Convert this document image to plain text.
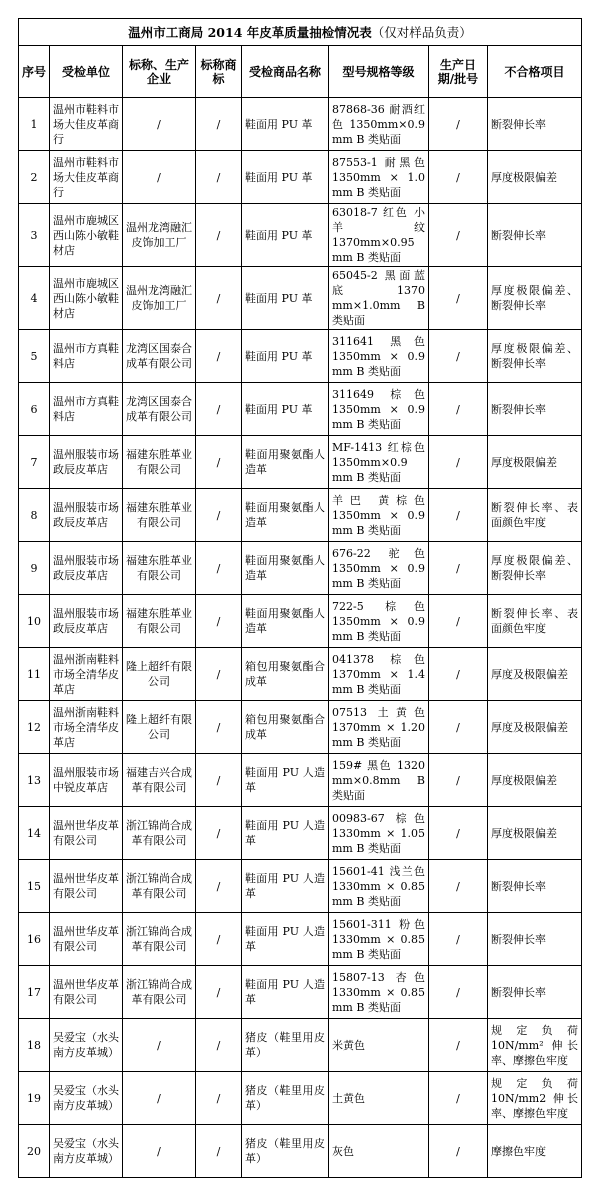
温州市工商局 2014 年皮革质量抽检情况表（仅对样品负责）							
序号	受检单位	标称、生产企业	标称商标	受检商品名称	型号规格等级	生产日期/批号	不合格项目
1	温州市鞋料市场大佳皮革商行	/	/	鞋面用 PU 革	87868-36 耐酒红色 1350mm×0.9 mm B 类贴面	/	断裂伸长率
2	温州市鞋料市场大佳皮革商行	/	/	鞋面用 PU 革	87553-1 耐黑色 1350mm × 1.0 mm B 类贴面	/	厚度极限偏差
3	温州市鹿城区西山陈小敏鞋材店	温州龙湾融汇皮饰加工厂	/	鞋面用 PU 革	63018-7 红色 小羊纹 1370mm×0.95 mm B 类贴面	/	断裂伸长率
4	温州市鹿城区西山陈小敏鞋材店	温州龙湾融汇皮饰加工厂	/	鞋面用 PU 革	65045-2 黑面蓝底 1370 mm×1.0mm B 类贴面	/	厚度极限偏差、断裂伸长率
5	温州市方真鞋料店	龙湾区国泰合成革有限公司	/	鞋面用 PU 革	311641 黑色 1350mm × 0.9 mm B 类贴面	/	厚度极限偏差、断裂伸长率
6	温州市方真鞋料店	龙湾区国泰合成革有限公司	/	鞋面用 PU 革	311649 棕色 1350mm × 0.9 mm B 类贴面	/	断裂伸长率
7	温州服装市场政辰皮革店	福建东胜革业有限公司	/	鞋面用聚氨酯人造革	MF-1413 红棕色 1350mm×0.9 mm B 类贴面	/	厚度极限偏差
8	温州服装市场政辰皮革店	福建东胜革业有限公司	/	鞋面用聚氨酯人造革	羊巴 黄棕色 1350mm × 0.9 mm B 类贴面	/	断裂伸长率、表面颜色牢度
9	温州服装市场政辰皮革店	福建东胜革业有限公司	/	鞋面用聚氨酯人造革	676-22 驼色 1350mm × 0.9 mm B 类贴面	/	厚度极限偏差、断裂伸长率
10	温州服装市场政辰皮革店	福建东胜革业有限公司	/	鞋面用聚氨酯人造革	722-5 棕色 1350mm × 0.9 mm B 类贴面	/	断裂伸长率、表面颜色牢度
11	温州浙南鞋料市场全清华皮革店	隆上超纤有限公司	/	箱包用聚氨酯合成革	041378 棕色 1370mm × 1.4 mm B 类贴面	/	厚度及极限偏差
12	温州浙南鞋料市场全清华皮革店	隆上超纤有限公司	/	箱包用聚氨酯合成革	07513 土黄色 1370mm × 1.20 mm B 类贴面	/	厚度及极限偏差
13	温州服装市场中锐皮革店	福建吉兴合成革有限公司	/	鞋面用 PU 人造革	159# 黑色 1320 mm×0.8mm B 类贴面	/	厚度极限偏差
14	温州世华皮革有限公司	浙江锦尚合成革有限公司	/	鞋面用 PU 人造革	00983-67 棕色 1330mm × 1.05 mm B 类贴面	/	厚度极限偏差
15	温州世华皮革有限公司	浙江锦尚合成革有限公司	/	鞋面用 PU 人造革	15601-41 浅兰色 1330mm × 0.85 mm B 类贴面	/	断裂伸长率
16	温州世华皮革有限公司	浙江锦尚合成革有限公司	/	鞋面用 PU 人造革	15601-311 粉色 1330mm × 0.85 mm B 类贴面	/	断裂伸长率
17	温州世华皮革有限公司	浙江锦尚合成革有限公司	/	鞋面用 PU 人造革	15807-13 杏色 1330mm × 0.85 mm B 类贴面	/	断裂伸长率
18	吴爱宝（水头南方皮革城）	/	/	猪皮（鞋里用皮革）	米黄色	/	规定负荷 10N/mm² 伸长率、摩擦色牢度
19	吴爱宝（水头南方皮革城）	/	/	猪皮（鞋里用皮革）	土黄色	/	规定负荷 10N/mm2 伸长率、摩擦色牢度
20	吴爱宝（水头南方皮革城）	/	/	猪皮（鞋里用皮革）	灰色	/	摩擦色牢度
